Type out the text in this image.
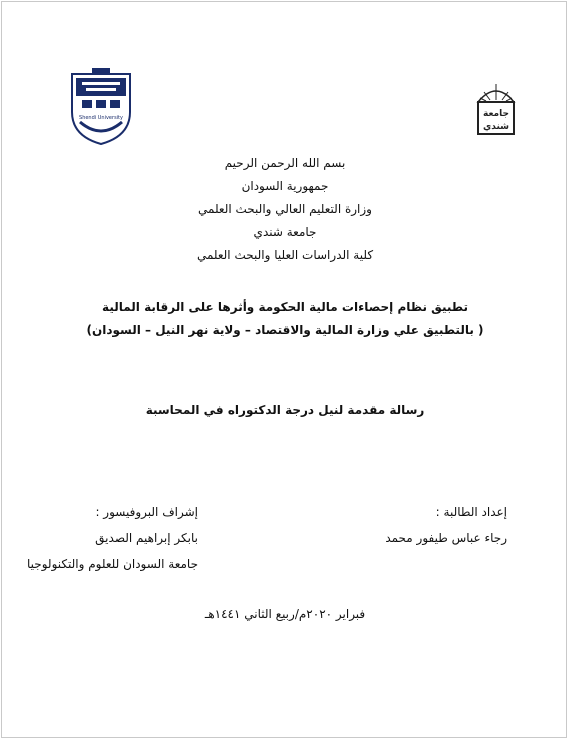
Shendi University	جامعة
شندي
بسم الله الرحمن الرحيم
جمهورية السودان
وزارة التعليم العالي والبحث العلمي
جامعة شندي
كلية الدراسات العليا والبحث العلمي
تطبيق نظام إحصاءات مالية الحكومة وأثرها على الرقابة المالية
( بالتطبيق علي وزارة المالية والاقتصاد – ولاية نهر النيل – السودان)
رسالة مقدمة لنيل درجة الدكتوراه في المحاسبة
إعداد الطالبة :
رجاء عباس طيفور محمد
إشراف البروفيسور :
بابكر إبراهيم الصديق
جامعة السودان للعلوم والتكنولوجيا
فبراير ٢٠٢٠م/ربيع الثاني ١٤٤١هـ
